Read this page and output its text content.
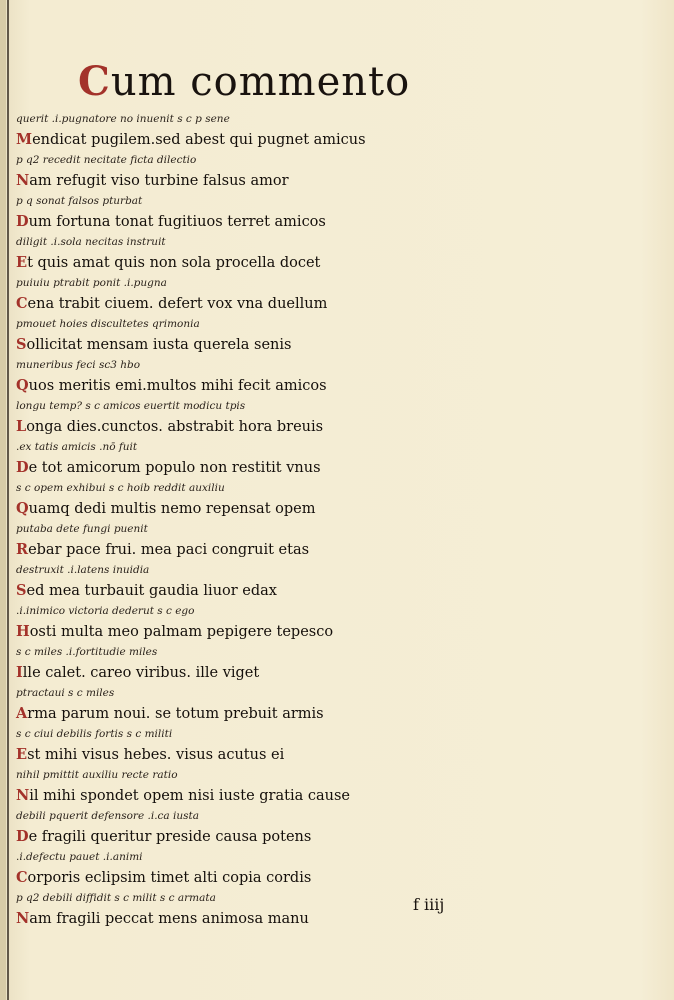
Cum commento
querit .i.pugnatore no inuenit s c p sene
Mendicat pugilem.sed abest qui pugnet amicus
p q2 recedit necitate ficta dilectio
Nam refugit viso turbine falsus amor
p q sonat falsos pturbat
Dum fortuna tonat fugitiuos terret amicos
diligit .i.sola necitas instruit
Et quis amat quis non sola procella docet
puiuiu ptrabit ponit .i.pugna
Cena trabit ciuem. defert vox vna duellum
pmouet hoies discultetes qrimonia
Sollicitat mensam iusta querela senis
muneribus feci sc3 hbo
Quos meritis emi.multos mihi fecit amicos
longu temp? s c amicos euertit modicu tpis
Longa dies.cunctos. abstrabit hora breuis
.ex tatis amicis .nō fuit
De tot amicorum populo non restitit vnus
s c opem exhibui s c hoib reddit auxiliu
Quamq dedi multis nemo repensat opem
putaba dete fungi puenit
Rebar pace frui. mea paci congruit etas
destruxit .i.latens inuidia
Sed mea turbauit gaudia liuor edax
.i.inimico victoria dederut s c ego
Hosti multa meo palmam pepigere tepesco
s c miles .i.fortitudie miles
Ille calet. careo viribus. ille viget
ptractaui s c miles
Arma parum noui. se totum prebuit armis
s c ciui debilis fortis s c militi
Est mihi visus hebes. visus acutus ei
nihil pmittit auxiliu recte ratio
Nil mihi spondet opem nisi iuste gratia cause
debili pquerit defensore .i.ca iusta
De fragili queritur preside causa potens
.i.defectu pauet .i.animi
Corporis eclipsim timet alti copia cordis
p q2 debili diffidit s c milit s c armata
Nam fragili peccat mens animosa manu
f iiij
